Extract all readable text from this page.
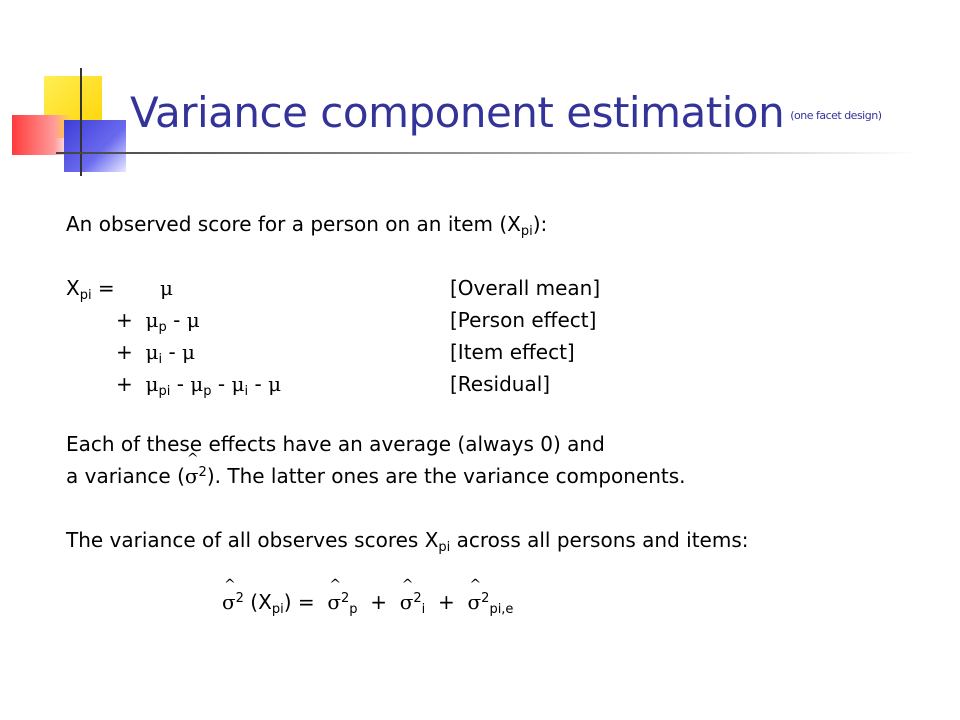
Variance component estimation (one facet design)
An observed score for a person on an item $(X_{pi})$:
$X_{pi} = \mu$
+ $\mu_p$ - μ
+ $\mu_i$ - μ
+ $\mu_{pi} - \mu_p - \mu_i$ - μ
[Overall mean]
[Person effect]
[Item effect]
[Residual]
Each of these effects have an average (always 0) and
a variance (^ $\sigma^2$). The latter ones are the variance components.
The variance of all observes scores $X_{pi}$ across all persons and items:
^ $\sigma^2$ $(X_{pi})$ = ^ $\sigma^2_p$ + ^ $\sigma^2_i$ + ^ $\sigma^2_{pi,e}$
